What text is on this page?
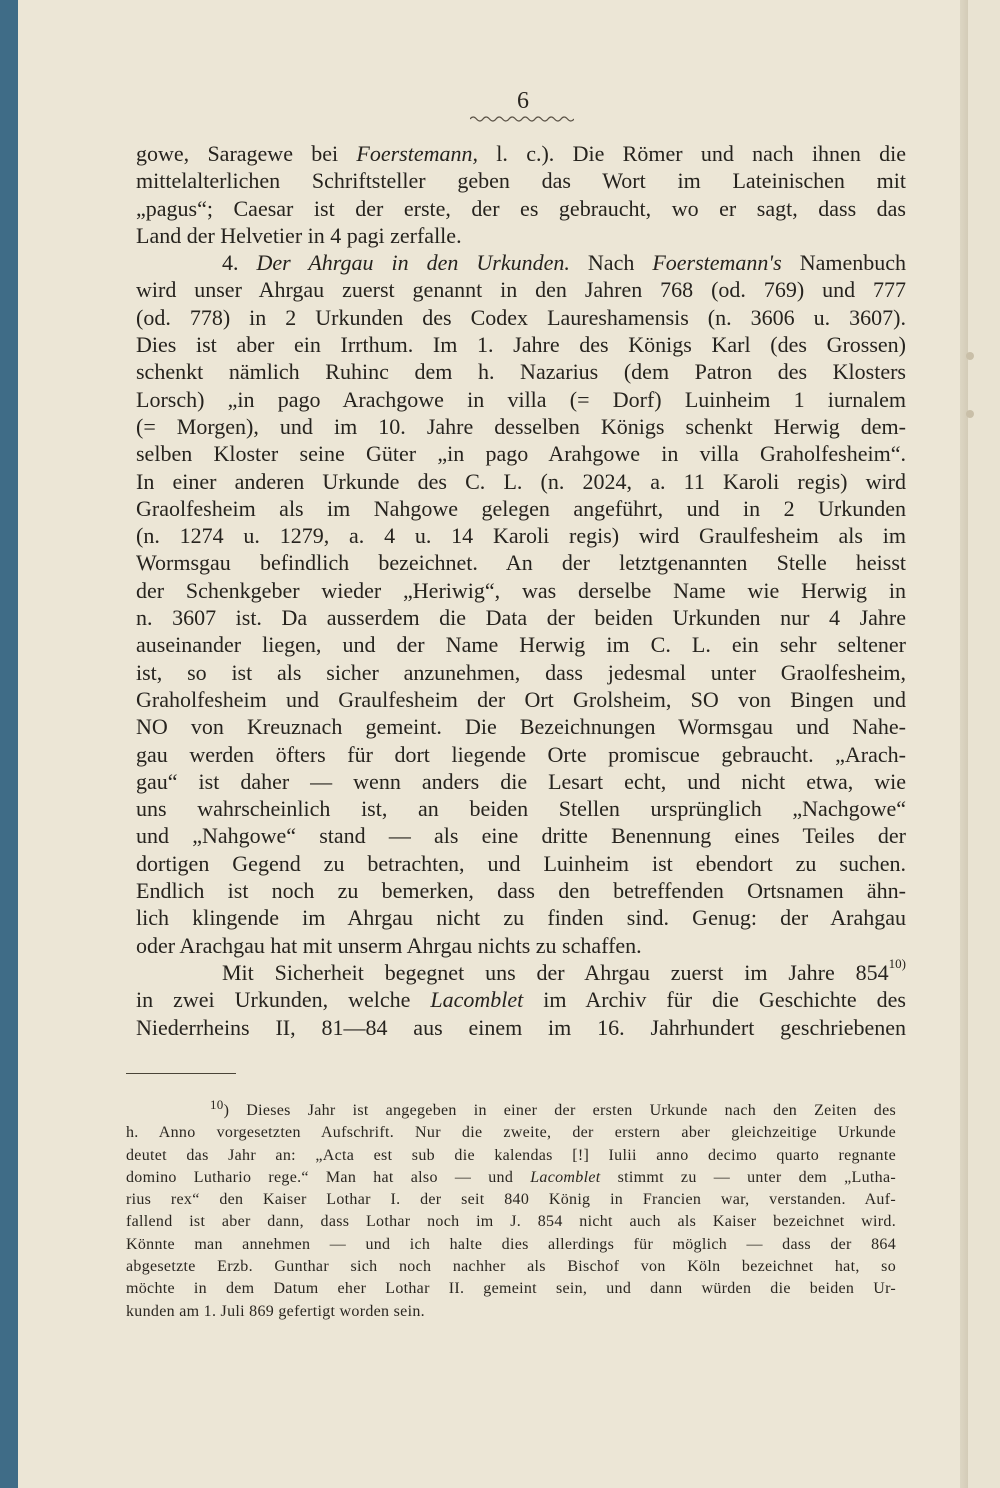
6
gowe, Saragewe bei Foerstemann, l. c.). Die Römer und nach ihnen die
mittelalterlichen Schriftsteller geben das Wort im Lateinischen mit
„pagus“; Caesar ist der erste, der es gebraucht, wo er sagt, dass das
Land der Helvetier in 4 pagi zerfalle.
4. Der Ahrgau in den Urkunden. Nach Foerstemann's Namenbuch
wird unser Ahrgau zuerst genannt in den Jahren 768 (od. 769) und 777
(od. 778) in 2 Urkunden des Codex Laureshamensis (n. 3606 u. 3607).
Dies ist aber ein Irrthum. Im 1. Jahre des Königs Karl (des Grossen)
schenkt nämlich Ruhinc dem h. Nazarius (dem Patron des Klosters
Lorsch) „in pago Arachgowe in villa (= Dorf) Luinheim 1 iurnalem
(= Morgen), und im 10. Jahre desselben Königs schenkt Herwig dem-
selben Kloster seine Güter „in pago Arahgowe in villa Graholfesheim“.
In einer anderen Urkunde des C. L. (n. 2024, a. 11 Karoli regis) wird
Graolfesheim als im Nahgowe gelegen angeführt, und in 2 Urkunden
(n. 1274 u. 1279, a. 4 u. 14 Karoli regis) wird Graulfesheim als im
Wormsgau befindlich bezeichnet. An der letztgenannten Stelle heisst
der Schenkgeber wieder „Heriwig“, was derselbe Name wie Herwig in
n. 3607 ist. Da ausserdem die Data der beiden Urkunden nur 4 Jahre
auseinander liegen, und der Name Herwig im C. L. ein sehr seltener
ist, so ist als sicher anzunehmen, dass jedesmal unter Graolfesheim,
Graholfesheim und Graulfesheim der Ort Grolsheim, SO von Bingen und
NO von Kreuznach gemeint. Die Bezeichnungen Wormsgau und Nahe-
gau werden öfters für dort liegende Orte promiscue gebraucht. „Arach-
gau“ ist daher — wenn anders die Lesart echt, und nicht etwa, wie
uns wahrscheinlich ist, an beiden Stellen ursprünglich „Nachgowe“
und „Nahgowe“ stand — als eine dritte Benennung eines Teiles der
dortigen Gegend zu betrachten, und Luinheim ist ebendort zu suchen.
Endlich ist noch zu bemerken, dass den betreffenden Ortsnamen ähn-
lich klingende im Ahrgau nicht zu finden sind. Genug: der Arahgau
oder Arachgau hat mit unserm Ahrgau nichts zu schaffen.
Mit Sicherheit begegnet uns der Ahrgau zuerst im Jahre 854$^{10)}$
in zwei Urkunden, welche Lacomblet im Archiv für die Geschichte des
Niederrheins II, 81—84 aus einem im 16. Jahrhundert geschriebenen
$^{10}$) Dieses Jahr ist angegeben in einer der ersten Urkunde nach den Zeiten des
h. Anno vorgesetzten Aufschrift. Nur die zweite, der erstern aber gleichzeitige Urkunde
deutet das Jahr an: „Acta est sub die kalendas [!] Iulii anno decimo quarto regnante
domino Luthario rege.“ Man hat also — und Lacomblet stimmt zu — unter dem „Lutha-
rius rex“ den Kaiser Lothar I. der seit 840 König in Francien war, verstanden. Auf-
fallend ist aber dann, dass Lothar noch im J. 854 nicht auch als Kaiser bezeichnet wird.
Könnte man annehmen — und ich halte dies allerdings für möglich — dass der 864
abgesetzte Erzb. Gunthar sich noch nachher als Bischof von Köln bezeichnet hat, so
möchte in dem Datum eher Lothar II. gemeint sein, und dann würden die beiden Ur-
kunden am 1. Juli 869 gefertigt worden sein.
